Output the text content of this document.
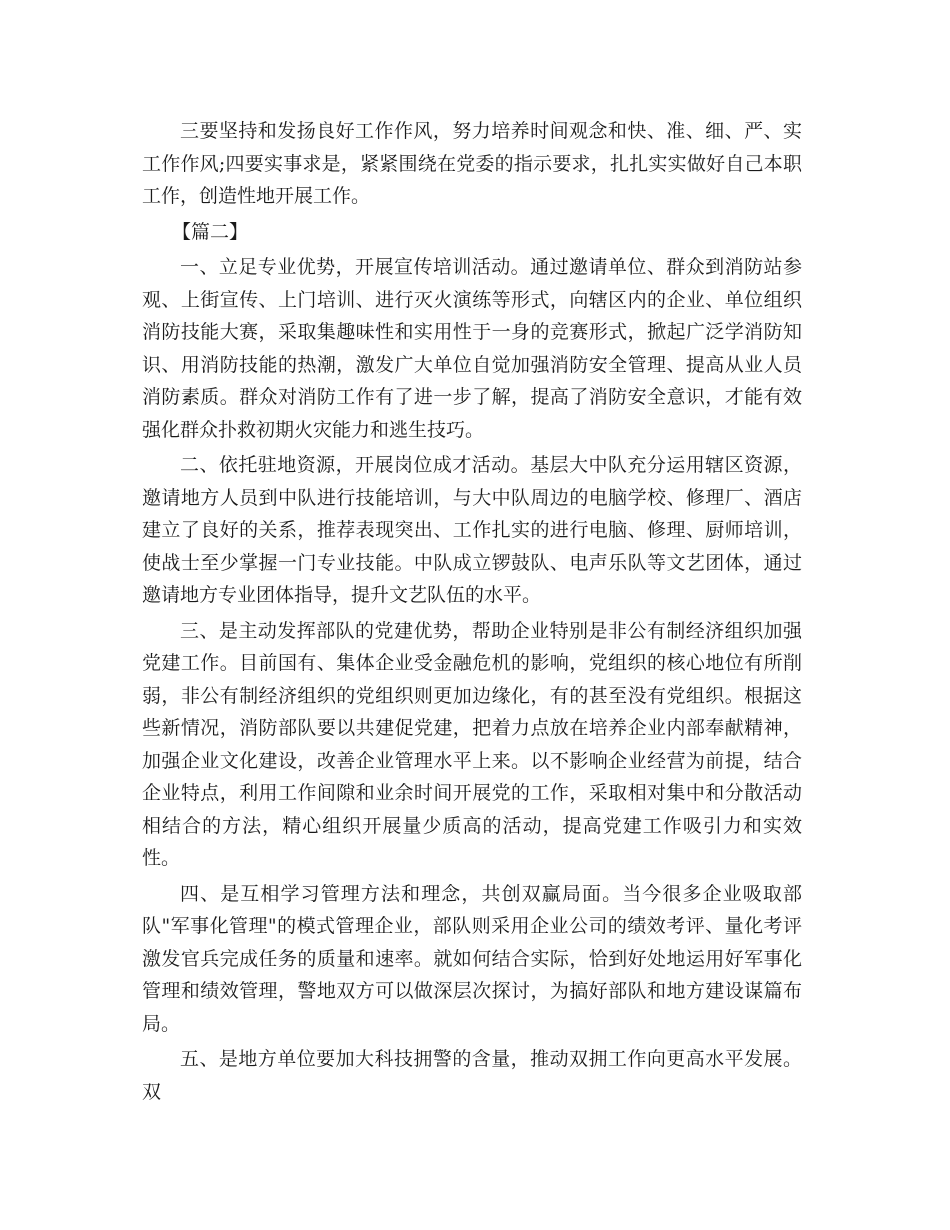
三要坚持和发扬良好工作作风，努力培养时间观念和快、准、细、严、实工作作风;四要实事求是，紧紧围绕在党委的指示要求，扎扎实实做好自己本职工作，创造性地开展工作。

【篇二】

一、立足专业优势，开展宣传培训活动。通过邀请单位、群众到消防站参观、上街宣传、上门培训、进行灭火演练等形式，向辖区内的企业、单位组织消防技能大赛，采取集趣味性和实用性于一身的竞赛形式，掀起广泛学消防知识、用消防技能的热潮，激发广大单位自觉加强消防安全管理、提高从业人员消防素质。群众对消防工作有了进一步了解，提高了消防安全意识，才能有效强化群众扑救初期火灾能力和逃生技巧。

二、依托驻地资源，开展岗位成才活动。基层大中队充分运用辖区资源，邀请地方人员到中队进行技能培训，与大中队周边的电脑学校、修理厂、酒店建立了良好的关系，推荐表现突出、工作扎实的进行电脑、修理、厨师培训，使战士至少掌握一门专业技能。中队成立锣鼓队、电声乐队等文艺团体，通过邀请地方专业团体指导，提升文艺队伍的水平。

三、是主动发挥部队的党建优势，帮助企业特别是非公有制经济组织加强党建工作。目前国有、集体企业受金融危机的影响，党组织的核心地位有所削弱，非公有制经济组织的党组织则更加边缘化，有的甚至没有党组织。根据这些新情况，消防部队要以共建促党建，把着力点放在培养企业内部奉献精神，加强企业文化建设，改善企业管理水平上来。以不影响企业经营为前提，结合企业特点，利用工作间隙和业余时间开展党的工作，采取相对集中和分散活动相结合的方法，精心组织开展量少质高的活动，提高党建工作吸引力和实效性。

四、是互相学习管理方法和理念，共创双赢局面。当今很多企业吸取部队"军事化管理"的模式管理企业，部队则采用企业公司的绩效考评、量化考评激发官兵完成任务的质量和速率。就如何结合实际，恰到好处地运用好军事化管理和绩效管理，警地双方可以做深层次探讨，为搞好部队和地方建设谋篇布局。

五、是地方单位要加大科技拥警的含量，推动双拥工作向更高水平发展。双
